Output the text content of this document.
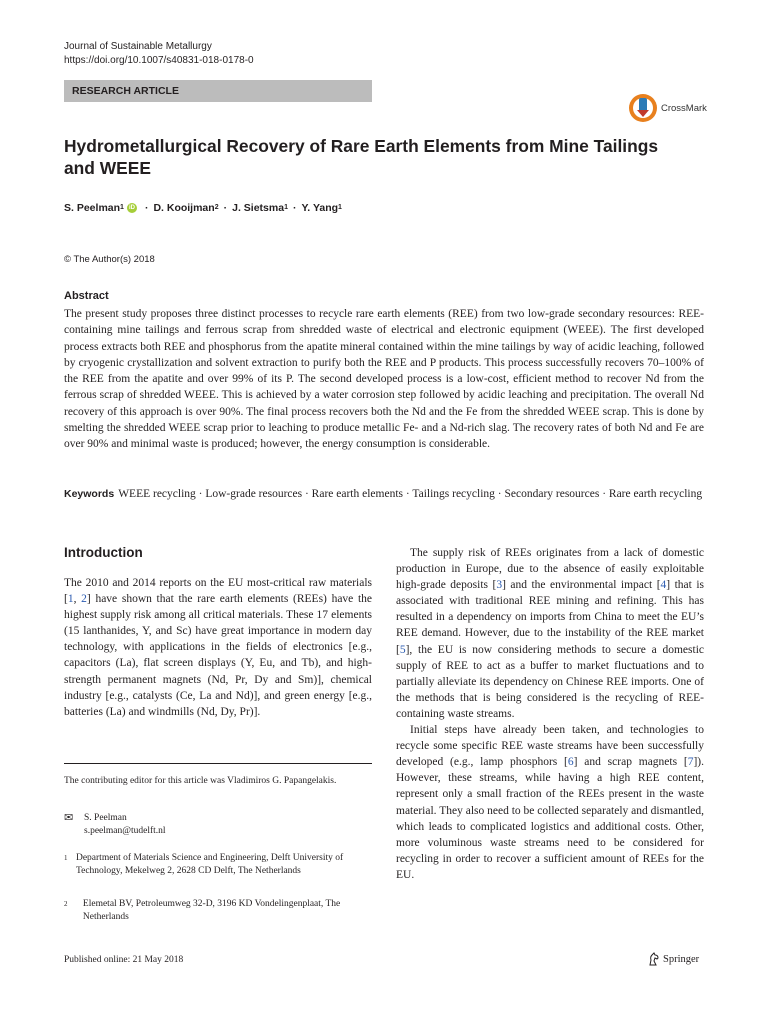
Journal of Sustainable Metallurgy
https://doi.org/10.1007/s40831-018-0178-0
RESEARCH ARTICLE
CrossMark
Hydrometallurgical Recovery of Rare Earth Elements from Mine Tailings and WEEE
S. Peelman$^1$ iD · D. Kooijman$^2$ · J. Sietsma$^1$ · Y. Yang$^1$
© The Author(s) 2018
Abstract

The present study proposes three distinct processes to recycle rare earth elements (REE) from two low-grade secondary resources: REE-containing mine tailings and ferrous scrap from shredded waste of electrical and electronic equipment (WEEE). The first developed process extracts both REE and phosphorus from the apatite mineral contained within the mine tailings by way of acidic leaching, followed by cryogenic crystallization and solvent extraction to purify both the REE and P products. This process successfully recovers 70–100% of the REE from the apatite and over 99% of its P. The second developed process is a low-cost, efficient method to recover Nd from the ferrous scrap of shredded WEEE. This is achieved by a water corrosion step followed by acidic leaching and precipitation. The overall Nd recovery of this approach is over 90%. The final process recovers both the Nd and the Fe from the shredded WEEE scrap. This is done by smelting the shredded WEEE scrap prior to leaching to produce metallic Fe- and a Nd-rich slag. The recovery rates of both Nd and Fe are over 90% and minimal waste is produced; however, the energy consumption is considerable.

Keywords WEEE recycling · Low-grade resources · Rare earth elements · Tailings recycling · Secondary resources · Rare earth recycling

Introduction

The 2010 and 2014 reports on the EU most-critical raw materials [1, 2] have shown that the rare earth elements (REEs) have the highest supply risk among all critical materials. These 17 elements (15 lanthanides, Y, and Sc) have great importance in modern day technology, with applications in the fields of electronics [e.g., capacitors (La), flat screen displays (Y, Eu, and Tb), and high-strength permanent magnets (Nd, Pr, Dy and Sm)], chemical industry [e.g., catalysts (Ce, La and Nd)], and green energy [e.g., batteries (La) and windmills (Nd, Dy, Pr)].

The supply risk of REEs originates from a lack of domestic production in Europe, due to the absence of easily exploitable high-grade deposits [3] and the environmental impact [4] that is associated with traditional REE mining and refining. This has resulted in a dependency on imports from China to meet the EU’s REE demand. However, due to the instability of the REE market [5], the EU is now considering methods to secure a domestic supply of REE to act as a buffer to market fluctuations and to partially alleviate its dependency on Chinese REE imports. One of the methods that is being considered is the recycling of REE-containing waste streams.

Initial steps have already been taken, and technologies to recycle some specific REE waste streams have been successfully developed (e.g., lamp phosphors [6] and scrap magnets [7]). However, these streams, while having a high REE content, represent only a small fraction of the REEs present in the waste material. They also need to be collected separately and dismantled, which leads to complicated logistics and additional costs. Other, more voluminous waste streams need to be considered for recycling in order to recover a sufficient amount of REEs for the EU.

The contributing editor for this article was Vladimiros G. Papangelakis.

✉	S. Peelman
s.peelman@tudelft.nl
1 Department of Materials Science and Engineering, Delft University of Technology, Mekelweg 2, 2628 CD Delft, The Netherlands
2	Elemetal BV, Petroleumweg 32-D, 3196 KD Vondelingenplaat, The Netherlands
Published online: 21 May 2018	Springer
